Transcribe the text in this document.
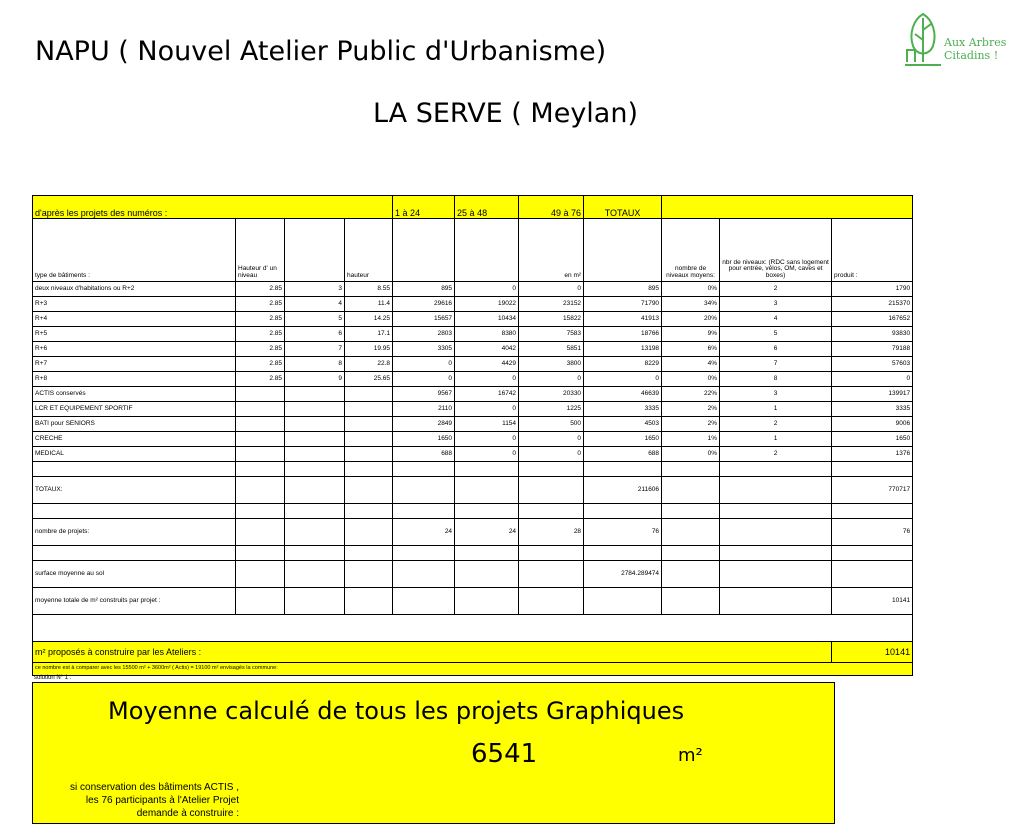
NAPU ( Nouvel Atelier Public d'Urbanisme)
LA SERVE ( Meylan)
Aux Arbres
Citadins !
d'après les projets des numéros :				1 à 24	25 à 48	49 à 76	TOTAUX			
type de bâtiments :	Hauteur d' un niveau		hauteur			en m²		nombre de niveaux moyens:	nbr de niveaux: (RDC sans logement pour entrée, vélos, OM, caves et boxes)	produit :
deux niveaux d'habitations ou R+2	2.85	3	8.55	895	0	0	895	0%	2	1790
R+3	2.85	4	11.4	29616	19022	23152	71790	34%	3	215370
R+4	2.85	5	14.25	15657	10434	15822	41913	20%	4	167652
R+5	2.85	6	17.1	2803	8380	7583	18766	9%	5	93830
R+6	2.85	7	19.95	3305	4042	5851	13198	6%	6	79188
R+7	2.85	8	22.8	0	4429	3800	8229	4%	7	57603
R+8	2.85	9	25.65	0	0	0	0	0%	8	0
ACTIS conservés				9567	16742	20330	46639	22%	3	139917
LCR ET EQUIPEMENT SPORTIF				2110	0	1225	3335	2%	1	3335
BATI pour SENIORS				2849	1154	500	4503	2%	2	9006
CRECHE				1650	0	0	1650	1%	1	1650
MEDICAL				688	0	0	688	0%	2	1376

TOTAUX:							211606			770717

nombre de projets:				24	24	28	76			76

surface moyenne au sol							2784.289474			
moyenne totale de m² construits par projet :										10141

m² proposés à construire par les Ateliers :										10141
ce nombre est à comparer avec les 15500 m² + 3600m² ( Actis) = 19100 m² envisagés la commune:										
solution N° 1 :
Moyenne calculé de tous les projets Graphiques
6541	m²
si conservation des bâtiments ACTIS ,
les 76 participants à l'Atelier Projet
demande à construire :
